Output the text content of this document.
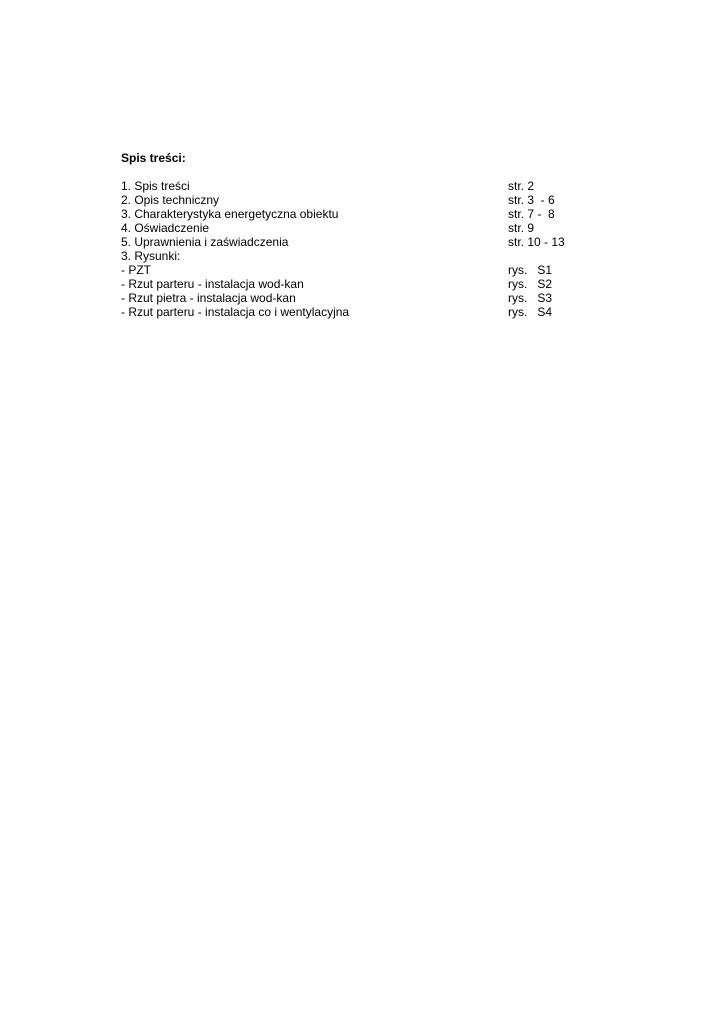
Spis treści:
1. Spis treści	str. 2
2. Opis techniczny	str. 3  - 6
3. Charakterystyka energetyczna obiektu	str. 7 -  8
4. Oświadczenie	str. 9
5. Uprawnienia i zaświadczenia	str. 10 - 13
3. Rysunki:
- PZT	rys.   S1
- Rzut parteru - instalacja wod-kan	rys.   S2
- Rzut pietra - instalacja wod-kan	rys.   S3
- Rzut parteru - instalacja co i wentylacyjna	rys.   S4
